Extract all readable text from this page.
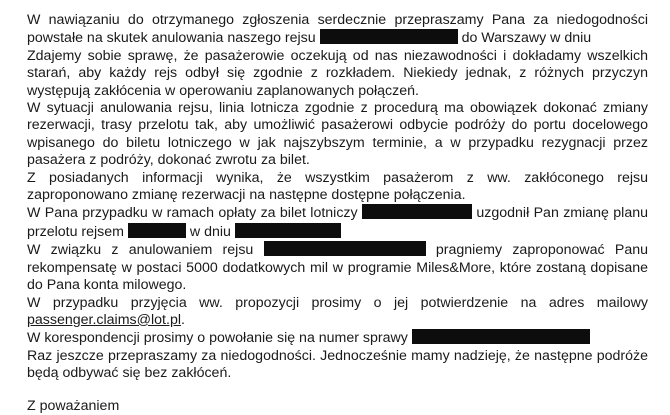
W nawiązaniu do otrzymanego zgłoszenia serdecznie przepraszamy Pana za niedogodności powstałe na skutek anulowania naszego rejsu	do Warszawy w dniu

Zdajemy sobie sprawę, że pasażerowie oczekują od nas niezawodności i dokładamy wszelkich starań, aby każdy rejs odbył się zgodnie z rozkładem. Niekiedy jednak, z różnych przyczyn występują zakłócenia w operowaniu zaplanowanych połączeń.

W sytuacji anulowania rejsu, linia lotnicza zgodnie z procedurą ma obowiązek dokonać zmiany rezerwacji, trasy przelotu tak, aby umożliwić pasażerowi odbycie podróży do portu docelowego wpisanego do biletu lotniczego w jak najszybszym terminie, a w przypadku rezygnacji przez pasażera z podróży, dokonać zwrotu za bilet.

Z posiadanych informacji wynika, że wszystkim pasażerom z ww. zakłóconego rejsu zaproponowano zmianę rezerwacji na następne dostępne połączenia.

W Pana przypadku w ramach opłaty za bilet lotniczy	uzgodnił Pan zmianę planu przelotu rejsem	w dniu

W związku z anulowaniem rejsu	pragniemy zaproponować Panu rekompensatę w postaci 5000 dodatkowych mil w programie Miles&More, które zostaną dopisane do Pana konta milowego.

W przypadku przyjęcia ww. propozycji prosimy o jej potwierdzenie na adres mailowy passenger.claims@lot.pl.

W korespondencji prosimy o powołanie się na numer sprawy

Raz jeszcze przepraszamy za niedogodności. Jednocześnie mamy nadzieję, że następne podróże będą odbywać się bez zakłóceń.

Z poważaniem
